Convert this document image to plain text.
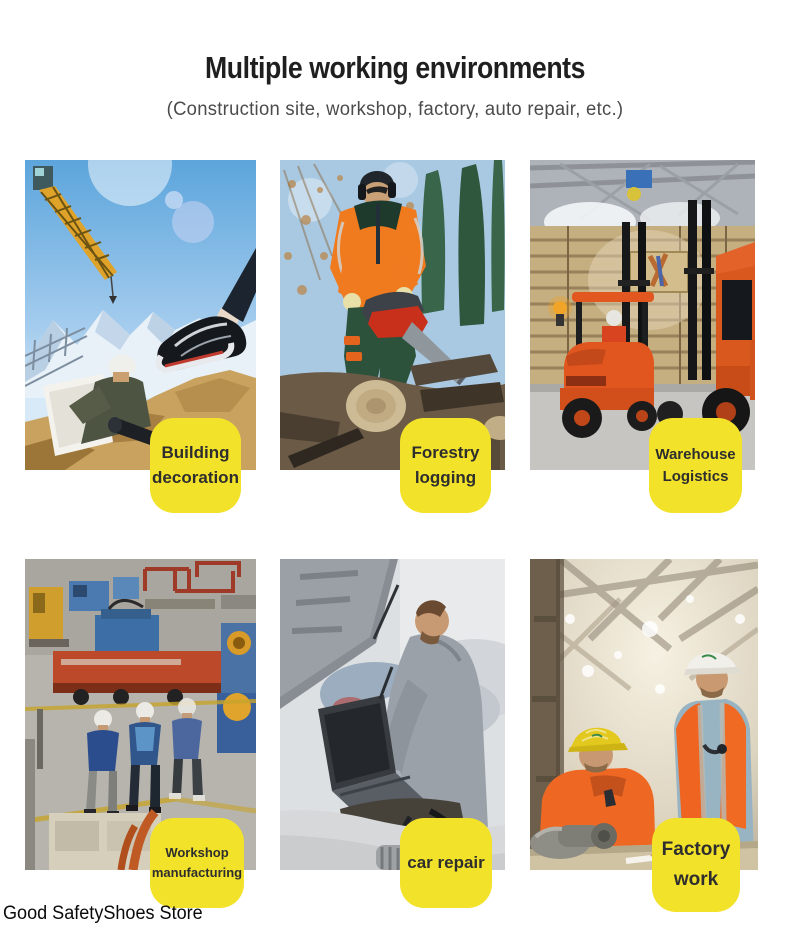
Multiple working environments
(Construction site, workshop, factory, auto repair, etc.)
Building
decoration
Forestry
logging
Warehouse
Logistics
Workshop
manufacturing
car repair
Factory
work
Good SafetyShoes Store
